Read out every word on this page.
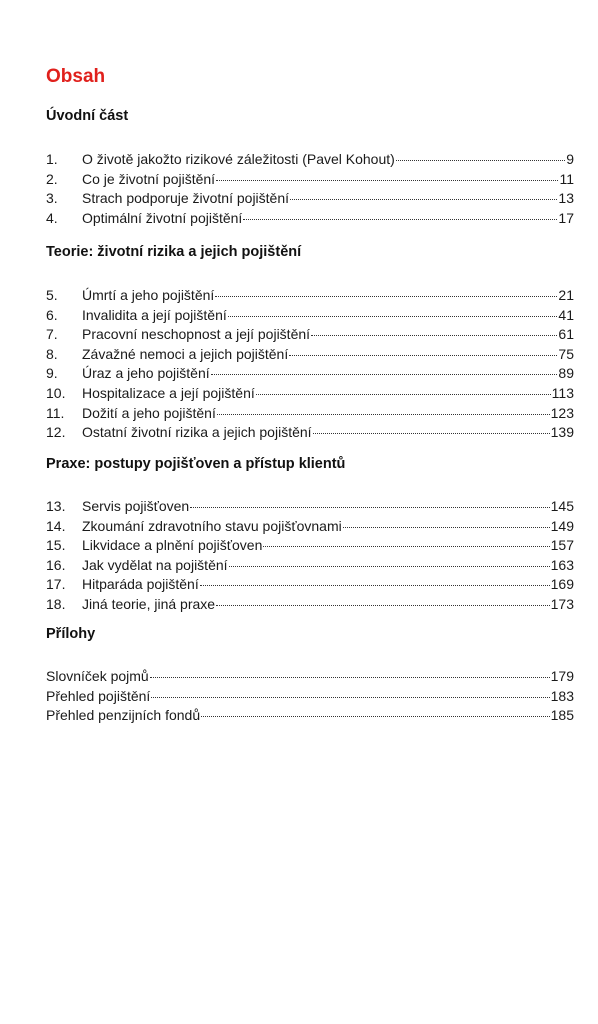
Obsah
Úvodní část
1.	O životě jakožto rizikové záležitosti (Pavel Kohout)	9
2.	Co je životní pojištění	11
3.	Strach podporuje životní pojištění	13
4.	Optimální životní pojištění	17
Teorie: životní rizika a jejich pojištění
5.	Úmrtí a jeho pojištění	21
6.	Invalidita a její pojištění	41
7.	Pracovní neschopnost a její pojištění	61
8.	Závažné nemoci a jejich pojištění	75
9.	Úraz a jeho pojištění	89
10.	Hospitalizace a její pojištění	113
11.	Dožití a jeho pojištění	123
12.	Ostatní životní rizika a jejich pojištění	139
Praxe: postupy pojišťoven a přístup klientů
13.	Servis pojišťoven	145
14.	Zkoumání zdravotního stavu pojišťovnami	149
15.	Likvidace a plnění pojišťoven	157
16.	Jak vydělat na pojištění	163
17.	Hitparáda pojištění	169
18.	Jiná teorie, jiná praxe	173
Přílohy
Slovníček pojmů	179
Přehled pojištění	183
Přehled penzijních fondů	185
